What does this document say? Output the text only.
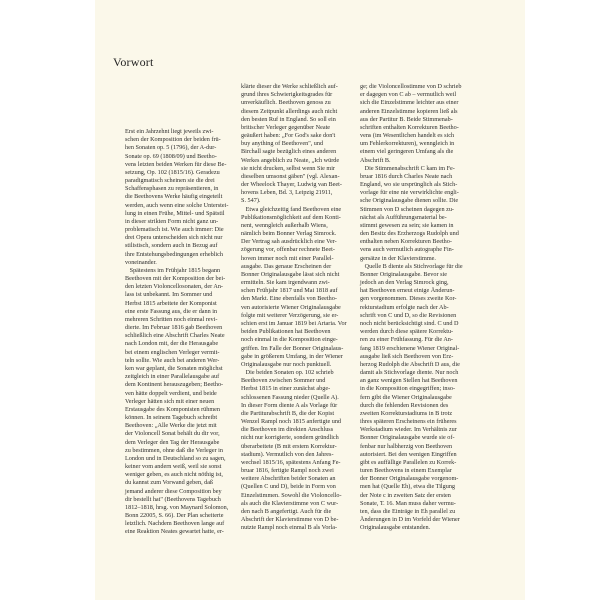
Vorwort
Erst ein Jahrzehnt liegt jeweils zwi-
schen der Komposition der beiden frü-
hen Sonaten op. 5 (1796), der A-dur-
Sonate op. 69 (1808/09) und Beetho-
vens letzten beiden Werken für diese Be-
setzung, Op. 102 (1815/16). Geradezu
paradigmatisch scheinen sie die drei
Schaffensphasen zu repräsentieren, in
die Beethovens Werke häufig eingeteilt
werden, auch wenn eine solche Unterstei-
lung in einen Frühe, Mittel- und Spätstil
in dieser strikten Form nicht ganz un-
problematisch ist. Wie auch immer: Die
drei Opera unterscheiden sich nicht nur
stilistisch, sondern auch in Bezug auf
ihre Entstehungsbedingungen erheblich
voneinander.
Spätestens im Frühjahr 1815 begann
Beethoven mit der Komposition der bei-
den letzten Violoncellosonaten, der An-
lass ist unbekannt. Im Sommer und
Herbst 1815 arbeitete der Komponist
eine erste Fassung aus, die er dann in
mehreren Schritten noch einmal revi-
dierte. Im Februar 1816 gab Beethoven
schließlich eine Abschrift Charles Neate
nach London mit, der die Herausgabe
bei einem englischen Verleger vermit-
teln sollte. Wie auch bei anderen Wer-
ken war geplant, die Sonaten möglichst
zeitgleich in einer Parallelausgabe auf
dem Kontinent herauszugeben; Beetho-
ven hätte doppelt verdient, und beide
Verleger hätten sich mit einer neuen
Erstausgabe des Komponisten rühmen
können. In seinem Tagebuch schreibt
Beethoven: „Alle Werke die jetzt mit
der Violoncell Sonat behält du dir vor,
dem Verleger den Tag der Herausgabe
zu bestimmen, ohne daß die Verleger in
London und in Deutschland so zu sagen,
keiner vom andern weiß, weil sie sonst
weniger geben, es auch nicht nöthig ist,
du kannst zum Vorwand geben, daß
jemand anderer diese Composition bey
dir bestellt hat" (Beethovens Tagebuch
1812–1818, hrsg. von Maynard Solomon,
Bonn 22005, S. 66). Der Plan scheiterte
letztlich. Nachdem Beethoven lange auf
eine Reaktion Neates gewartet hatte, er-
klärte dieser die Werke schließlich auf-
grund ihres Schwierigkeitsgrades für
unverkäuflich. Beethoven genoss zu
diesem Zeitpunkt allerdings auch nicht
den besten Ruf in England. So soll ein
britischer Verleger gegenüber Neate
geäußert haben: „For God's sake don't
buy anything of Beethoven", und
Birchall sagte bezüglich eines anderen
Werkes angeblich zu Neate, „Ich würde
sie nicht drucken, selbst wenn Sie mir
dieselben umsonst gäben" (vgl. Alexan-
der Wheelock Thayer, Ludwig van Beet-
hovens Leben, Bd. 3, Leipzig 21911,
S. 547).
Etwa gleichzeitig fand Beethoven eine
Publikationsmöglichkeit auf dem Konti-
nent, wenngleich außerhalb Wiens,
nämlich beim Bonner Verlag Simrock.
Der Vertrag sah ausdrücklich eine Ver-
zögerung vor, offenbar rechnete Beet-
hoven immer noch mit einer Parallel-
ausgabe. Das genaue Erscheinen der
Bonner Originalausgabe lässt sich nicht
ermitteln. Sie kam irgendwann zwi-
schen Frühjahr 1817 und Mai 1818 auf
den Markt. Eine ebenfalls von Beetho-
ven autorisierte Wiener Originalausgabe
folgte mit weiterer Verzögerung, sie er-
schien erst im Januar 1819 bei Artaria. Vor
beiden Publikationen hat Beethoven
noch einmal in die Komposition einge-
griffen. Im Falle der Bonner Originalaus-
gabe in größerem Umfang, in der Wiener
Originalausgabe nur noch punktuell.
Die beiden Sonaten op. 102 schrieb
Beethoven zwischen Sommer und
Herbst 1815 in einer zunächst abge-
schlossenen Fassung nieder (Quelle A).
In dieser Form diente A als Vorlage für
die Partiturabschrift B, die der Kopist
Wenzel Rampl noch 1815 anfertigte und
die Beethoven im direkten Anschluss
nicht nur korrigierte, sondern gründlich
überarbeitete (B mit erstem Korrektur-
stadium). Vermutlich von den Jahres-
wechsel 1815/16, spätestens Anfang Fe-
bruar 1816, fertigte Rampl noch zwei
weitere Abschriften beider Sonaten an
(Quellen C und D), beide in Form von
Einzelstimmen. Sowohl die Violoncello-
als auch die Klavierstimme von C wur-
den nach B angefertigt. Auch für die
Abschrift der Klavierstimme von D be-
nutzte Rampl noch einmal B als Vorla-
ge; die Violoncellostimme von D schrieb
er dagegen von C ab – vermutlich weil
sich die Einzelstimme leichter aus einer
anderen Einzelstimme kopieren ließ als
aus der Partitur B. Beide Stimmenab-
schriften enthalten Korrekturen Beetho-
vens (im Wesentlichen handelt es sich
um Fehlerkorrekturen), wenngleich in
einem viel geringeren Umfang als die
Abschrift B.
Die Stimmenabschrift C kam im Fe-
bruar 1816 durch Charles Neate nach
England, wo sie ursprünglich als Stich-
vorlage für eine nie verwirklichte engli-
sche Originalausgabe dienen sollte. Die
Stimmen von D scheinen dagegen zu-
nächst als Aufführungsmaterial be-
stimmt gewesen zu sein; sie kamen in
den Besitz des Erzherzogs Rudolph und
enthalten neben Korrekturen Beetho-
vens auch vermutlich autographe Fin-
gersätze in der Klavierstimme.
Quelle B diente als Stichvorlage für die
Bonner Originalausgabe. Bevor sie
jedoch an den Verlag Simrock ging,
hat Beethoven erneut einige Änderun-
gen vorgenommen. Dieses zweite Kor-
rekturstadium erfolgte nach der Ab-
schrift von C und D, so die Revisionen
noch nicht berücksichtigt sind. C und D
werden durch diese spätere Korrektu-
ren zu einer Frühfassung. Für die An-
fang 1819 erschienene Wiener Original-
ausgabe ließ sich Beethoven von Erz-
herzog Rudolph die Abschrift D aus, die
damit als Stichvorlage diente. Nur noch
an ganz wenigen Stellen hat Beethoven
in die Komposition eingegriffen; inso-
fern gibt die Wiener Originalausgabe
durch die fehlenden Revisionen des
zweiten Korrekturstadiums in B trotz
ihres späteren Erscheinens ein früheres
Werkstadium wieder. Im Verhältnis zur
Bonner Originalausgabe wurde sie of-
fenbar nur halbherzig von Beethoven
autorisiert. Bei den wenigen Eingriffen
gibt es auffällige Parallelen zu Korrek-
turen Beethovens in einem Exemplar
der Bonner Originalausgabe vorgenom-
men hat (Quelle Eh), etwa die Tilgung
der Note c in zweiten Satz der ersten
Sonate, T. 16. Man muss daher vermu-
ten, dass die Einträge in Eh parallel zu
Änderungen in D im Vorfeld der Wiener
Originalausgabe entstanden.
